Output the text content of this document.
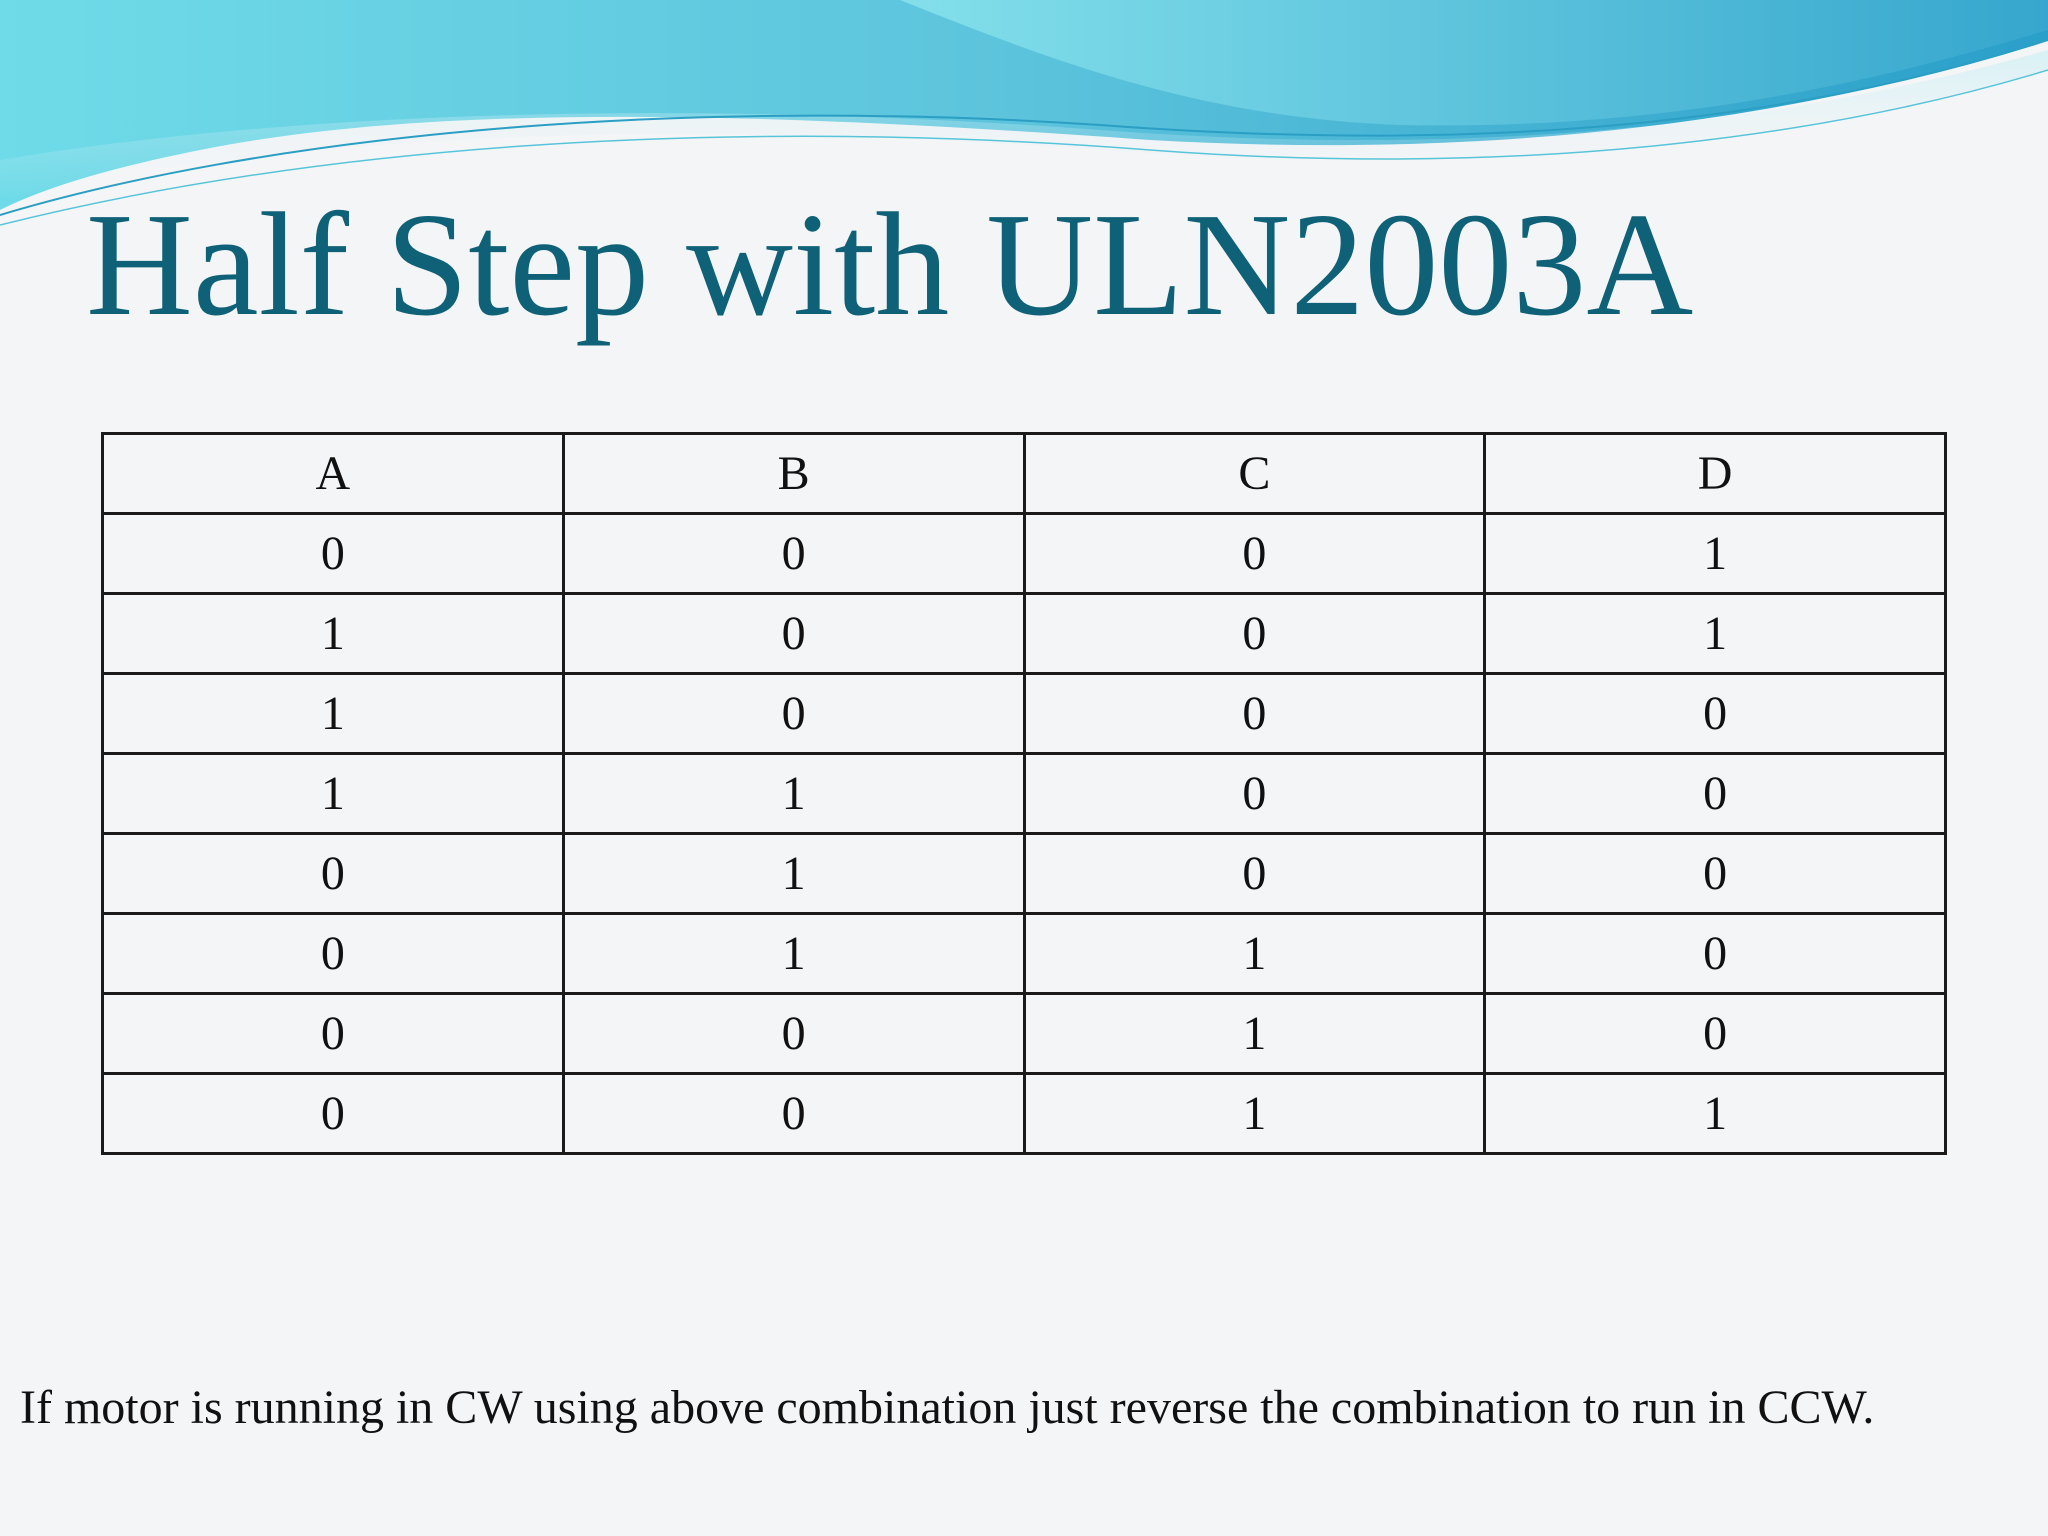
Half Step with ULN2003A
A	B	C	D
0	0	0	1
1	0	0	1
1	0	0	0
1	1	0	0
0	1	0	0
0	1	1	0
0	0	1	0
0	0	1	1

If motor is running in CW using above combination just reverse the combination to run in CCW.
